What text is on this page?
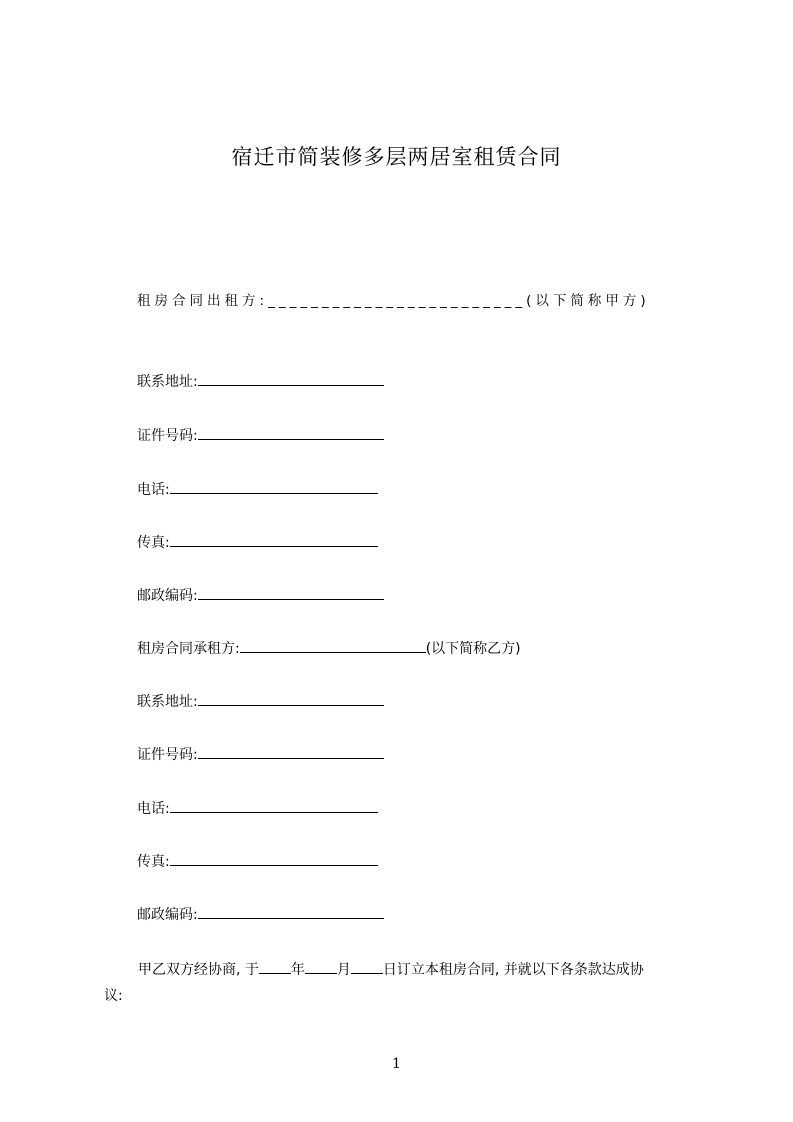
宿迁市简装修多层两居室租赁合同
租房合同出租方:________________________(以下简称甲方)
联系地址:
证件号码:
电话:
传真:
邮政编码:
租房合同承租方:	(以下简称乙方)
联系地址:
证件号码:
电话:
传真:
邮政编码:
甲乙双方经协商, 于 年 月 日订立本租房合同, 并就以下各条款达成协
议:
1
